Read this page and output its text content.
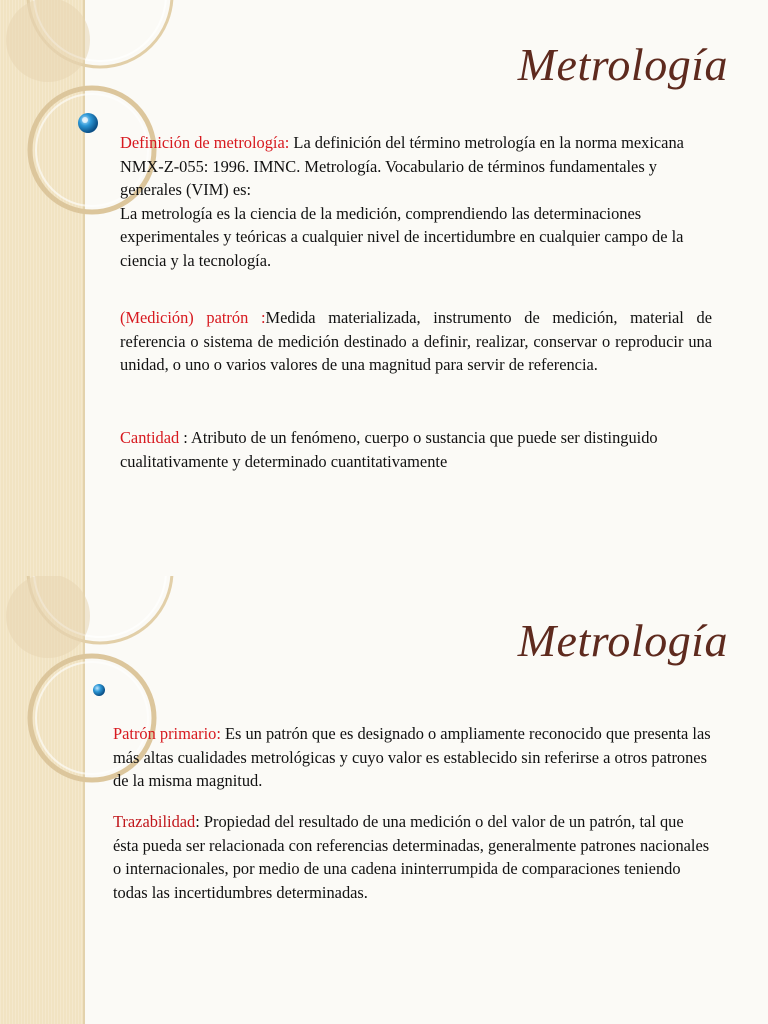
Metrología

Definición de metrología: La definición del término metrología en la norma mexicana NMX-Z-055: 1996. IMNC. Metrología. Vocabulario de términos fundamentales y generales (VIM) es:

La metrología es la ciencia de la medición, comprendiendo las determinaciones experimentales y teóricas a cualquier nivel de incertidumbre en cualquier campo de la ciencia y la tecnología.

(Medición) patrón :Medida materializada, instrumento de medición, material de referencia o sistema de medición destinado a definir, realizar, conservar o reproducir una unidad, o uno o varios valores de una magnitud para servir de referencia.

Cantidad : Atributo de un fenómeno, cuerpo o sustancia que puede ser distinguido cualitativamente y determinado cuantitativamente

Metrología

Patrón primario: Es un patrón que es designado o ampliamente reconocido que presenta las más altas cualidades metrológicas y cuyo valor es establecido sin referirse a otros patrones de la misma magnitud.

Trazabilidad: Propiedad del resultado de una medición o del valor de un patrón, tal que ésta pueda ser relacionada con referencias determinadas, generalmente patrones nacionales o internacionales, por medio de una cadena ininterrumpida de comparaciones teniendo todas las incertidumbres determinadas.
